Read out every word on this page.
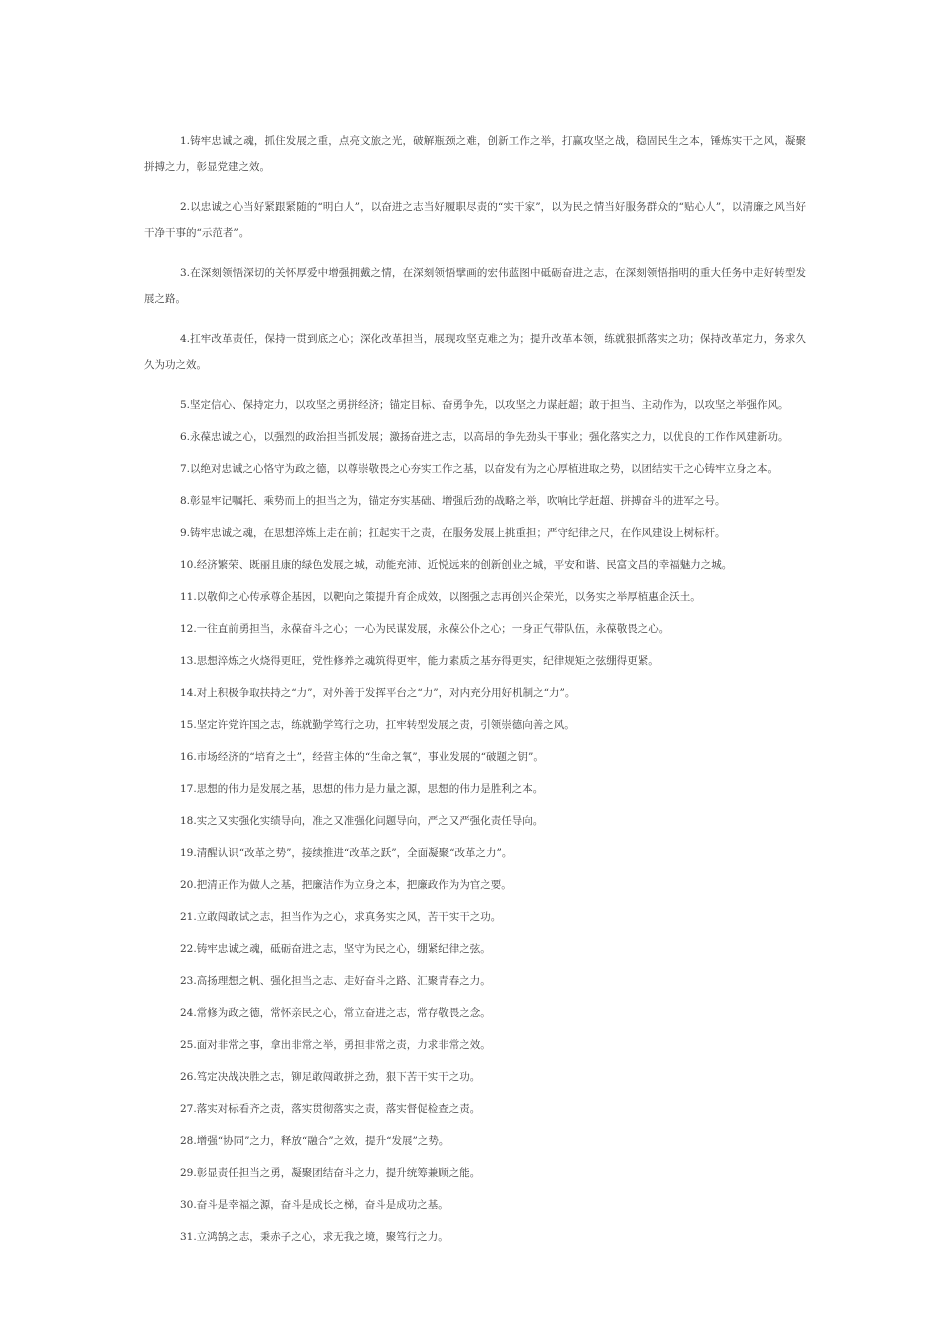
1.铸牢忠诚之魂，抓住发展之重，点亮文旅之光，破解瓶颈之难，创新工作之举，打赢攻坚之战，稳固民生之本，锤炼实干之风，凝聚拼搏之力，彰显党建之效。

2.以忠诚之心当好紧跟紧随的“明白人”，以奋进之志当好履职尽责的“实干家”，以为民之情当好服务群众的“贴心人”，以清廉之风当好干净干事的“示范者”。

3.在深刻领悟深切的关怀厚爱中增强拥戴之情，在深刻领悟擘画的宏伟蓝图中砥砺奋进之志，在深刻领悟指明的重大任务中走好转型发展之路。

4.扛牢改革责任，保持一贯到底之心；深化改革担当，展现攻坚克难之为；提升改革本领，练就狠抓落实之功；保持改革定力，务求久久为功之效。

5.坚定信心、保持定力，以攻坚之勇拼经济；锚定目标、奋勇争先，以攻坚之力谋赶超；敢于担当、主动作为，以攻坚之举强作风。

6.永葆忠诚之心，以强烈的政治担当抓发展；激扬奋进之志，以高昂的争先劲头干事业；强化落实之力，以优良的工作作风建新功。

7.以绝对忠诚之心恪守为政之德，以尊崇敬畏之心夯实工作之基，以奋发有为之心厚植进取之势，以团结实干之心铸牢立身之本。

8.彰显牢记嘱托、乘势而上的担当之为，锚定夯实基础、增强后劲的战略之举，吹响比学赶超、拼搏奋斗的进军之号。

9.铸牢忠诚之魂，在思想淬炼上走在前；扛起实干之责，在服务发展上挑重担；严守纪律之尺，在作风建设上树标杆。

10.经济繁荣、既丽且康的绿色发展之城，动能充沛、近悦远来的创新创业之城，平安和谐、民富文昌的幸福魅力之城。

11.以敬仰之心传承尊企基因，以靶向之策提升育企成效，以图强之志再创兴企荣光，以务实之举厚植惠企沃土。

12.一往直前勇担当，永葆奋斗之心；一心为民谋发展，永葆公仆之心；一身正气带队伍，永葆敬畏之心。

13.思想淬炼之火烧得更旺，党性修养之魂筑得更牢，能力素质之基夯得更实，纪律规矩之弦绷得更紧。

14.对上积极争取扶持之“力”，对外善于发挥平台之“力”，对内充分用好机制之“力”。

15.坚定许党许国之志，练就勤学笃行之功，扛牢转型发展之责，引领崇德向善之风。

16.市场经济的“培育之土”，经营主体的“生命之氧”，事业发展的“破题之钥”。

17.思想的伟力是发展之基，思想的伟力是力量之源，思想的伟力是胜利之本。

18.实之又实强化实绩导向，准之又准强化问题导向，严之又严强化责任导向。

19.清醒认识“改革之势”，接续推进“改革之跃”，全面凝聚“改革之力”。

20.把清正作为做人之基，把廉洁作为立身之本，把廉政作为为官之要。

21.立敢闯敢试之志，担当作为之心，求真务实之风，苦干实干之功。

22.铸牢忠诚之魂，砥砺奋进之志，坚守为民之心，绷紧纪律之弦。

23.高扬理想之帆、强化担当之志、走好奋斗之路、汇聚青春之力。

24.常修为政之德，常怀亲民之心，常立奋进之志，常存敬畏之念。

25.面对非常之事，拿出非常之举，勇担非常之责，力求非常之效。

26.笃定决战决胜之志，铆足敢闯敢拼之劲，狠下苦干实干之功。

27.落实对标看齐之责，落实贯彻落实之责，落实督促检查之责。

28.增强“协同”之力，释放“融合”之效，提升“发展”之势。

29.彰显责任担当之勇，凝聚团结奋斗之力，提升统筹兼顾之能。

30.奋斗是幸福之源，奋斗是成长之梯，奋斗是成功之基。

31.立鸿鹄之志，秉赤子之心，求无我之境，聚笃行之力。
